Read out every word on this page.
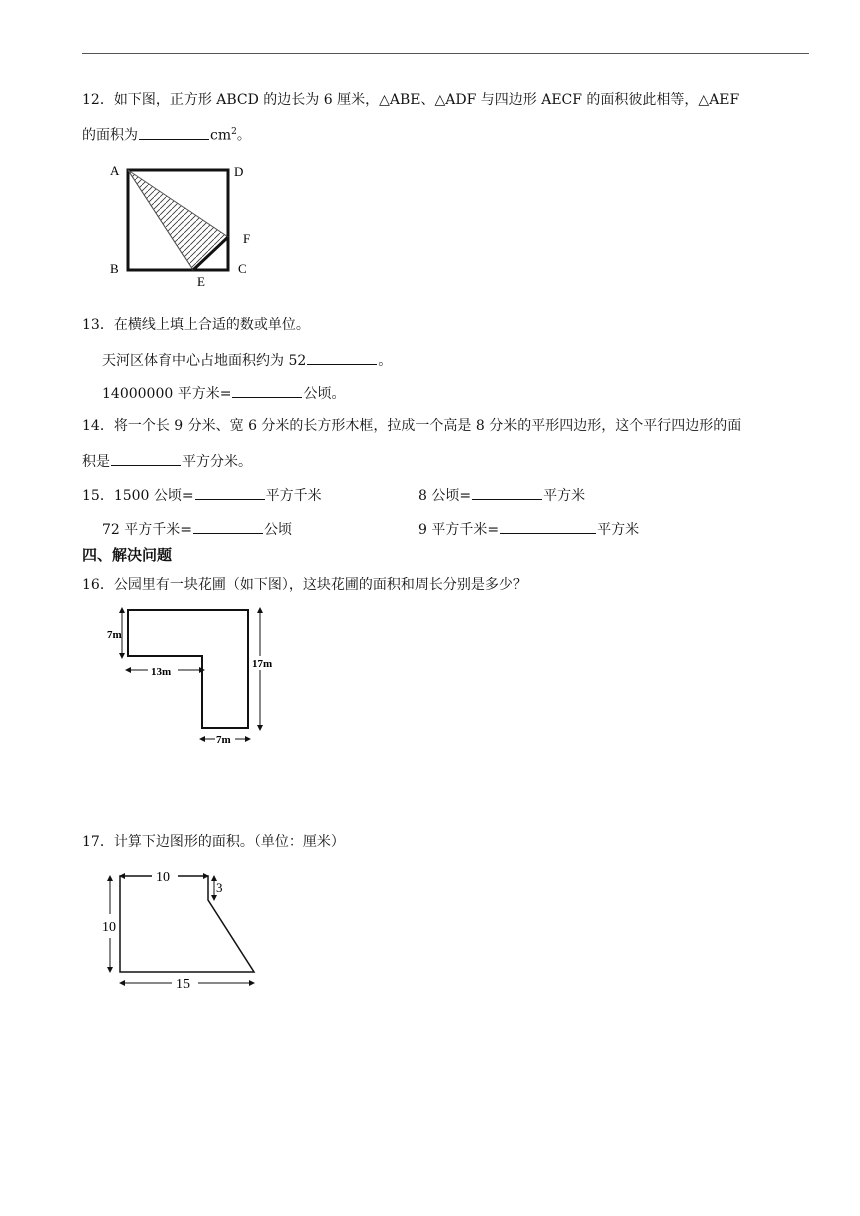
12．如下图，正方形 ABCD 的边长为 6 厘米，△ABE、△ADF 与四边形 AECF 的面积彼此相等，△AEF
的面积为	$cm^2$。
A	D
B	C
F
E
13．在横线上填上合适的数或单位。
天河区体育中心占地面积约为 52	。
14000000 平方米=	公顷。
14．将一个长 9 分米、宽 6 分米的长方形木框，拉成一个高是 8 分米的平形四边形，这个平行四边形的面
积是	平方分米。
15．1500 公顷=	平方千米	8 公顷=	平方米
72 平方千米=	公顷	9 平方千米=	平方米
四、解决问题
16．公园里有一块花圃（如下图），这块花圃的面积和周长分别是多少？
7m
13m
17m
7m
17．计算下边图形的面积。（单位：厘米）
10
3
10
15
